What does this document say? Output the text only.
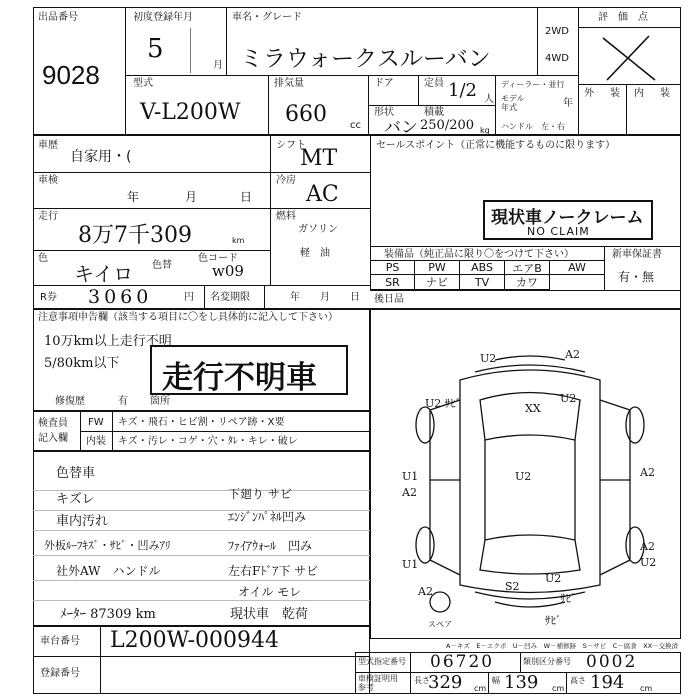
出品番号
9028
初度登録年月
5
月
車名・グレード
ミラウォークスルーバン
2WD
4WD
評　価　点
外 装 内 装
型式
V-L200W
排気量
660 cc
ドア	定員 1/2 人
ディーラー・並行
モデル
年式	年
ハンドル　左・右
形状
バン
積載
250/200 kg
車歴
自家用・(
シフト
MT
セールスポイント（正常に機能するものに限ります）
車検
年	月	日
冷房
AC
走行
8万7千309	km
燃料
ガソリン
軽　油
色
キイロ 色替
色コード
w09
現状車ノークレーム
NO CLAIM
装備品（純正品に限り〇をつけて下さい）	新車保証書
有・無
PS	PW	ABS	エアB	AW
SR	ナビ	TV	カワ
R券 3060	円 名変期限	年 月 日 後日品
注意事項申告欄（該当する項目に〇をし具体的に記入して下さい）
10万km以上走行不明
5/80km以下 走行不明車
修復歴	有 箇所
検査員
記入欄
FW キズ・飛石・ヒビ割・リペア跡・X要
内装 キズ・汚レ・コゲ・穴・ﾀﾚ・キレ・破レ
色替車
キズレ
車内汚れ
外板ﾙｰﾌｷｽﾞ・ｻﾋﾞ・凹みｱﾘ
社外AW　ハンドル
ﾒｰﾀｰ 87309 km
下廻り サビ
ｴﾝｼﾞﾝﾊﾟﾈﾙ凹み
ﾌｧｲｱｳｫｰﾙ　凹み
左右Fﾄﾞｱ下 サビ
オイル モレ
現状車　乾荷
車台番号 L200W-000944
登録番号
A2
U2
U2 ｻﾋﾞ	XX
U2
U1
A2
A2
U2
U1	U2
A2
U2
ｻﾋﾞ
S2
A2
ｻﾋﾞ
スペア
A－キズ　E－エクボ　U－凹み　W－補修跡　S－サビ　C－腐食　XX－交換済
型式指定番号 06720	類別区分番号 0002
車検証明用
参考
長さ
329 cm
幅 139 cm
高さ 194 cm
